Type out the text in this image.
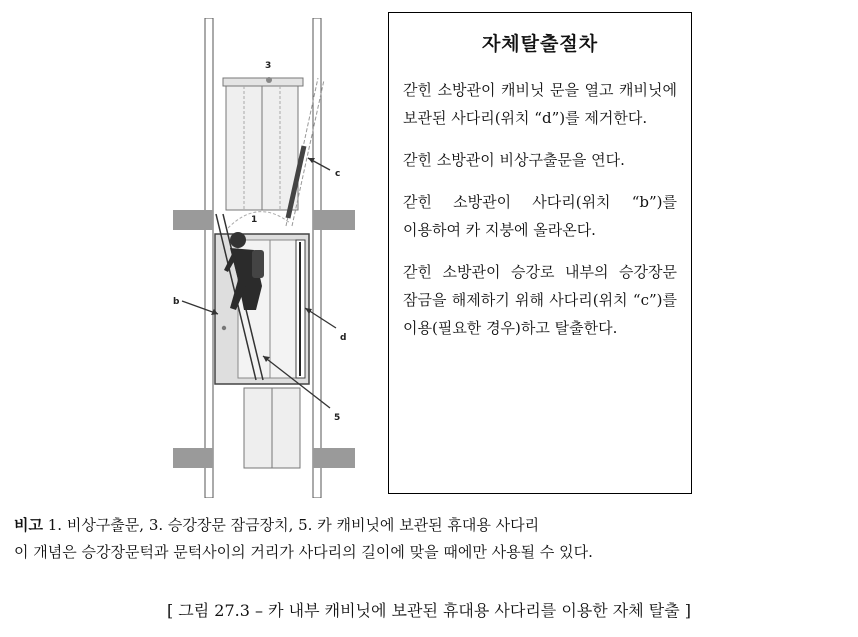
3
c
1
b
d
5
자체탈출절차

갇힌 소방관이 캐비닛 문을 열고 캐비닛에 보관된 사다리(위치 “d”)를 제거한다.

갇힌 소방관이 비상구출문을 연다.

갇힌 소방관이 사다리(위치 “b”)를 이용하여 카 지붕에 올라온다.

갇힌 소방관이 승강로 내부의 승강장문 잠금을 해제하기 위해 사다리(위치 “c”)를 이용(필요한 경우)하고 탈출한다.

비고 1. 비상구출문, 3. 승강장문 잠금장치, 5. 카 캐비닛에 보관된 휴대용 사다리
이 개념은 승강장문턱과 문턱사이의 거리가 사다리의 길이에 맞을 때에만 사용될 수 있다.
[ 그림 27.3 – 카 내부 캐비닛에 보관된 휴대용 사다리를 이용한 자체 탈출 ]
